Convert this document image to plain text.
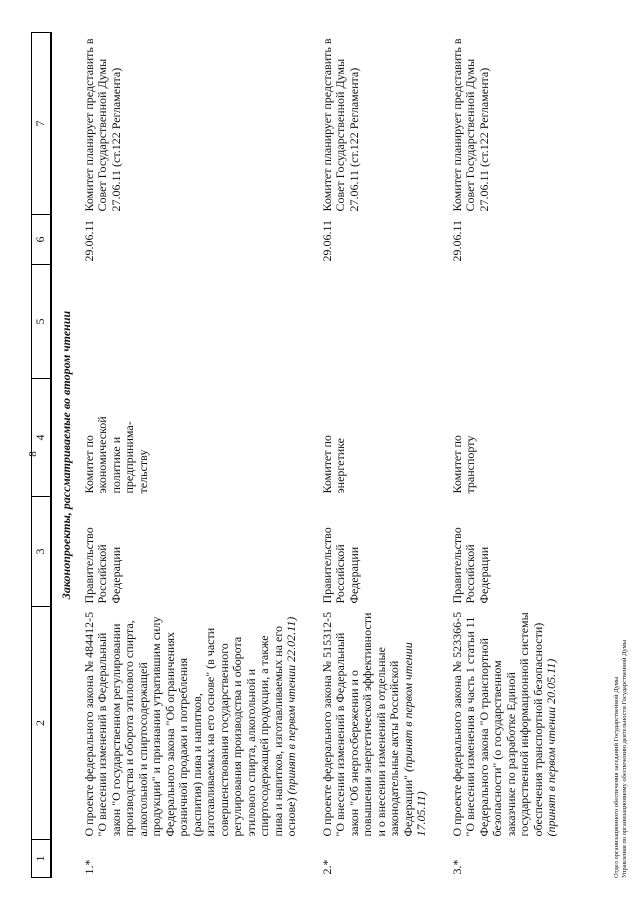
8
1	2	3	4	5	6	7
Законопроекты, рассматриваемые во втором чтении						
1.*	О проекте федерального закона № 484412-5 "О внесении изменений в Федеральный закон "О государственном регулировании производства и оборота этилового спирта, алкогольной и спиртосодержащей продукции" и признании утратившим силу Федерального закона "Об ограничениях розничной продажи и потребления (распития) пива и напитков, изготавливаемых на его основе" (в части совершенствования государственного регулирования производства и оборота этилового спирта, алкогольной и спиртосодержащей продукции, а также пива и напитков, изготавливаемых на его основе) (принят в первом чтении 22.02.11)	Правительство Российской Федерации	Комитет по экономической политике и предпринима-тельству		29.06.11	Комитет планирует представить в Совет Государственной Думы 27.06.11 (ст.122 Регламента)

2.*	О проекте федерального закона № 515312-5 "О внесении изменений в Федеральный закон "Об энергосбережении и о повышении энергетической эффективности и о внесении изменений в отдельные законодательные акты Российской Федерации" (принят в первом чтении 17.05.11)	Правительство Российской Федерации	Комитет по энергетике		29.06.11	Комитет планирует представить в Совет Государственной Думы 27.06.11 (ст.122 Регламента)

3.*	О проекте федерального закона № 523366-5 "О внесении изменения в часть 1 статьи 11 Федерального закона "О транспортной безопасности" (о государственном заказчике по разработке Единой государственной информационной системы обеспечения транспортной безопасности) (принят в первом чтении 20.05.11)	Правительство Российской Федерации	Комитет по транспорту		29.06.11	Комитет планирует представить в Совет Государственной Думы 27.06.11 (ст.122 Регламента)
Отдел организационного обеспечения заседаний Государственной Думы Управления по организационному обеспечению деятельности Государственной Думы
